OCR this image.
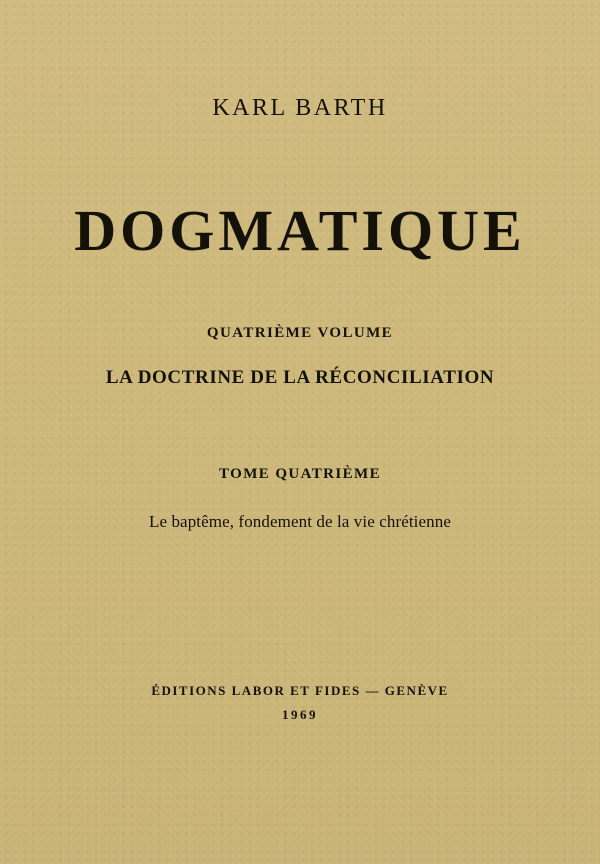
KARL BARTH

DOGMATIQUE

QUATRIÈME VOLUME

LA DOCTRINE DE LA RÉCONCILIATION

TOME QUATRIÈME

Le baptême, fondement de la vie chrétienne

ÉDITIONS LABOR ET FIDES — GENÈVE

1969
